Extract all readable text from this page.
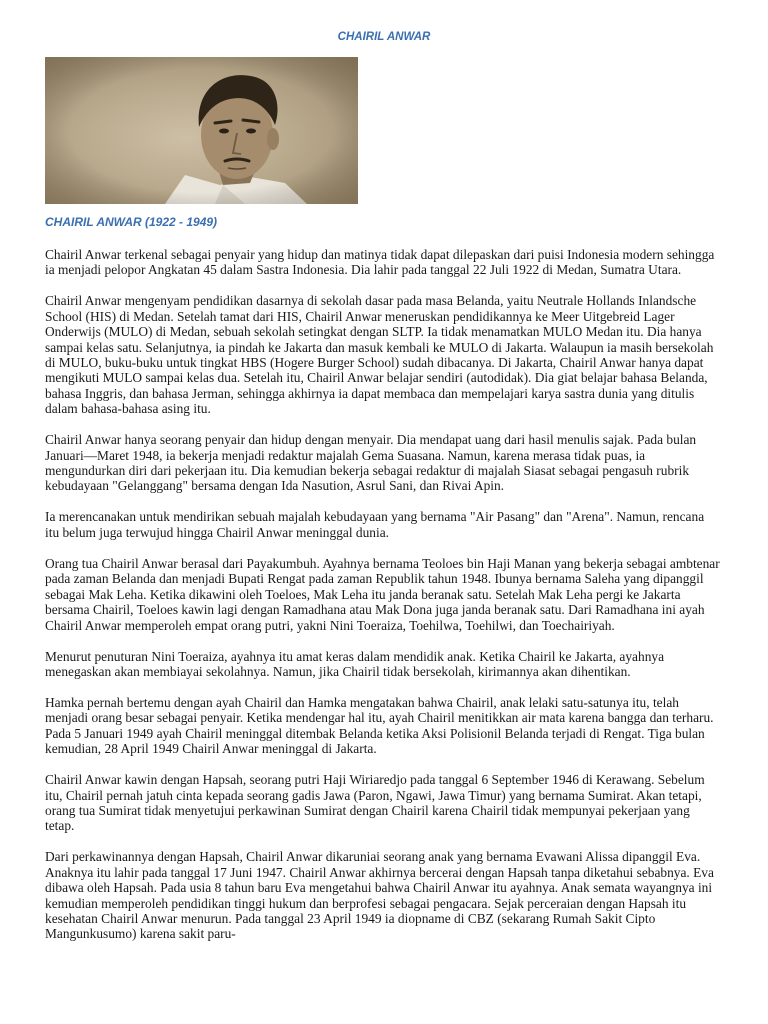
CHAIRIL ANWAR
CHAIRIL ANWAR (1922 - 1949)

Chairil Anwar terkenal sebagai penyair yang hidup dan matinya tidak dapat dilepaskan dari puisi Indonesia modern sehingga ia menjadi pelopor Angkatan 45 dalam Sastra Indonesia. Dia lahir pada tanggal 22 Juli 1922 di Medan, Sumatra Utara.

Chairil Anwar mengenyam pendidikan dasarnya di sekolah dasar pada masa Belanda, yaitu Neutrale Hollands Inlandsche School (HIS) di Medan. Setelah tamat dari HIS, Chairil Anwar meneruskan pendidikannya ke Meer Uitgebreid Lager Onderwijs (MULO) di Medan, sebuah sekolah setingkat dengan SLTP. Ia tidak menamatkan MULO Medan itu. Dia hanya sampai kelas satu. Selanjutnya, ia pindah ke Jakarta dan masuk kembali ke MULO di Jakarta. Walaupun ia masih bersekolah di MULO, buku-buku untuk tingkat HBS (Hogere Burger School) sudah dibacanya. Di Jakarta, Chairil Anwar hanya dapat mengikuti MULO sampai kelas dua. Setelah itu, Chairil Anwar belajar sendiri (autodidak). Dia giat belajar bahasa Belanda, bahasa Inggris, dan bahasa Jerman, sehingga akhirnya ia dapat membaca dan mempelajari karya sastra dunia yang ditulis dalam bahasa-bahasa asing itu.

Chairil Anwar hanya seorang penyair dan hidup dengan menyair. Dia mendapat uang dari hasil menulis sajak. Pada bulan Januari—Maret 1948, ia bekerja menjadi redaktur majalah Gema Suasana. Namun, karena merasa tidak puas, ia mengundurkan diri dari pekerjaan itu. Dia kemudian bekerja sebagai redaktur di majalah Siasat sebagai pengasuh rubrik kebudayaan "Gelanggang" bersama dengan Ida Nasution, Asrul Sani, dan Rivai Apin.

Ia merencanakan untuk mendirikan sebuah majalah kebudayaan yang bernama "Air Pasang" dan "Arena". Namun, rencana itu belum juga terwujud hingga Chairil Anwar meninggal dunia.

Orang tua Chairil Anwar berasal dari Payakumbuh. Ayahnya bernama Teoloes bin Haji Manan yang bekerja sebagai ambtenar pada zaman Belanda dan menjadi Bupati Rengat pada zaman Republik tahun 1948. Ibunya bernama Saleha yang dipanggil sebagai Mak Leha. Ketika dikawini oleh Toeloes, Mak Leha itu janda beranak satu. Setelah Mak Leha pergi ke Jakarta bersama Chairil, Toeloes kawin lagi dengan Ramadhana atau Mak Dona juga janda beranak satu. Dari Ramadhana ini ayah Chairil Anwar memperoleh empat orang putri, yakni Nini Toeraiza, Toehilwa, Toehilwi, dan Toechairiyah.

Menurut penuturan Nini Toeraiza, ayahnya itu amat keras dalam mendidik anak. Ketika Chairil ke Jakarta, ayahnya menegaskan akan membiayai sekolahnya. Namun, jika Chairil tidak bersekolah, kirimannya akan dihentikan.

Hamka pernah bertemu dengan ayah Chairil dan Hamka mengatakan bahwa Chairil, anak lelaki satu-satunya itu, telah menjadi orang besar sebagai penyair. Ketika mendengar hal itu, ayah Chairil menitikkan air mata karena bangga dan terharu. Pada 5 Januari 1949 ayah Chairil meninggal ditembak Belanda ketika Aksi Polisionil Belanda terjadi di Rengat. Tiga bulan kemudian, 28 April 1949 Chairil Anwar meninggal di Jakarta.

Chairil Anwar kawin dengan Hapsah, seorang putri Haji Wiriaredjo pada tanggal 6 September 1946 di Kerawang. Sebelum itu, Chairil pernah jatuh cinta kepada seorang gadis Jawa (Paron, Ngawi, Jawa Timur) yang bernama Sumirat. Akan tetapi, orang tua Sumirat tidak menyetujui perkawinan Sumirat dengan Chairil karena Chairil tidak mempunyai pekerjaan yang tetap.

Dari perkawinannya dengan Hapsah, Chairil Anwar dikaruniai seorang anak yang bernama Evawani Alissa dipanggil Eva. Anaknya itu lahir pada tanggal 17 Juni 1947. Chairil Anwar akhirnya bercerai dengan Hapsah tanpa diketahui sebabnya. Eva dibawa oleh Hapsah. Pada usia 8 tahun baru Eva mengetahui bahwa Chairil Anwar itu ayahnya. Anak semata wayangnya ini kemudian memperoleh pendidikan tinggi hukum dan berprofesi sebagai pengacara. Sejak perceraian dengan Hapsah itu kesehatan Chairil Anwar menurun. Pada tanggal 23 April 1949 ia diopname di CBZ (sekarang Rumah Sakit Cipto Mangunkusumo) karena sakit paru-
